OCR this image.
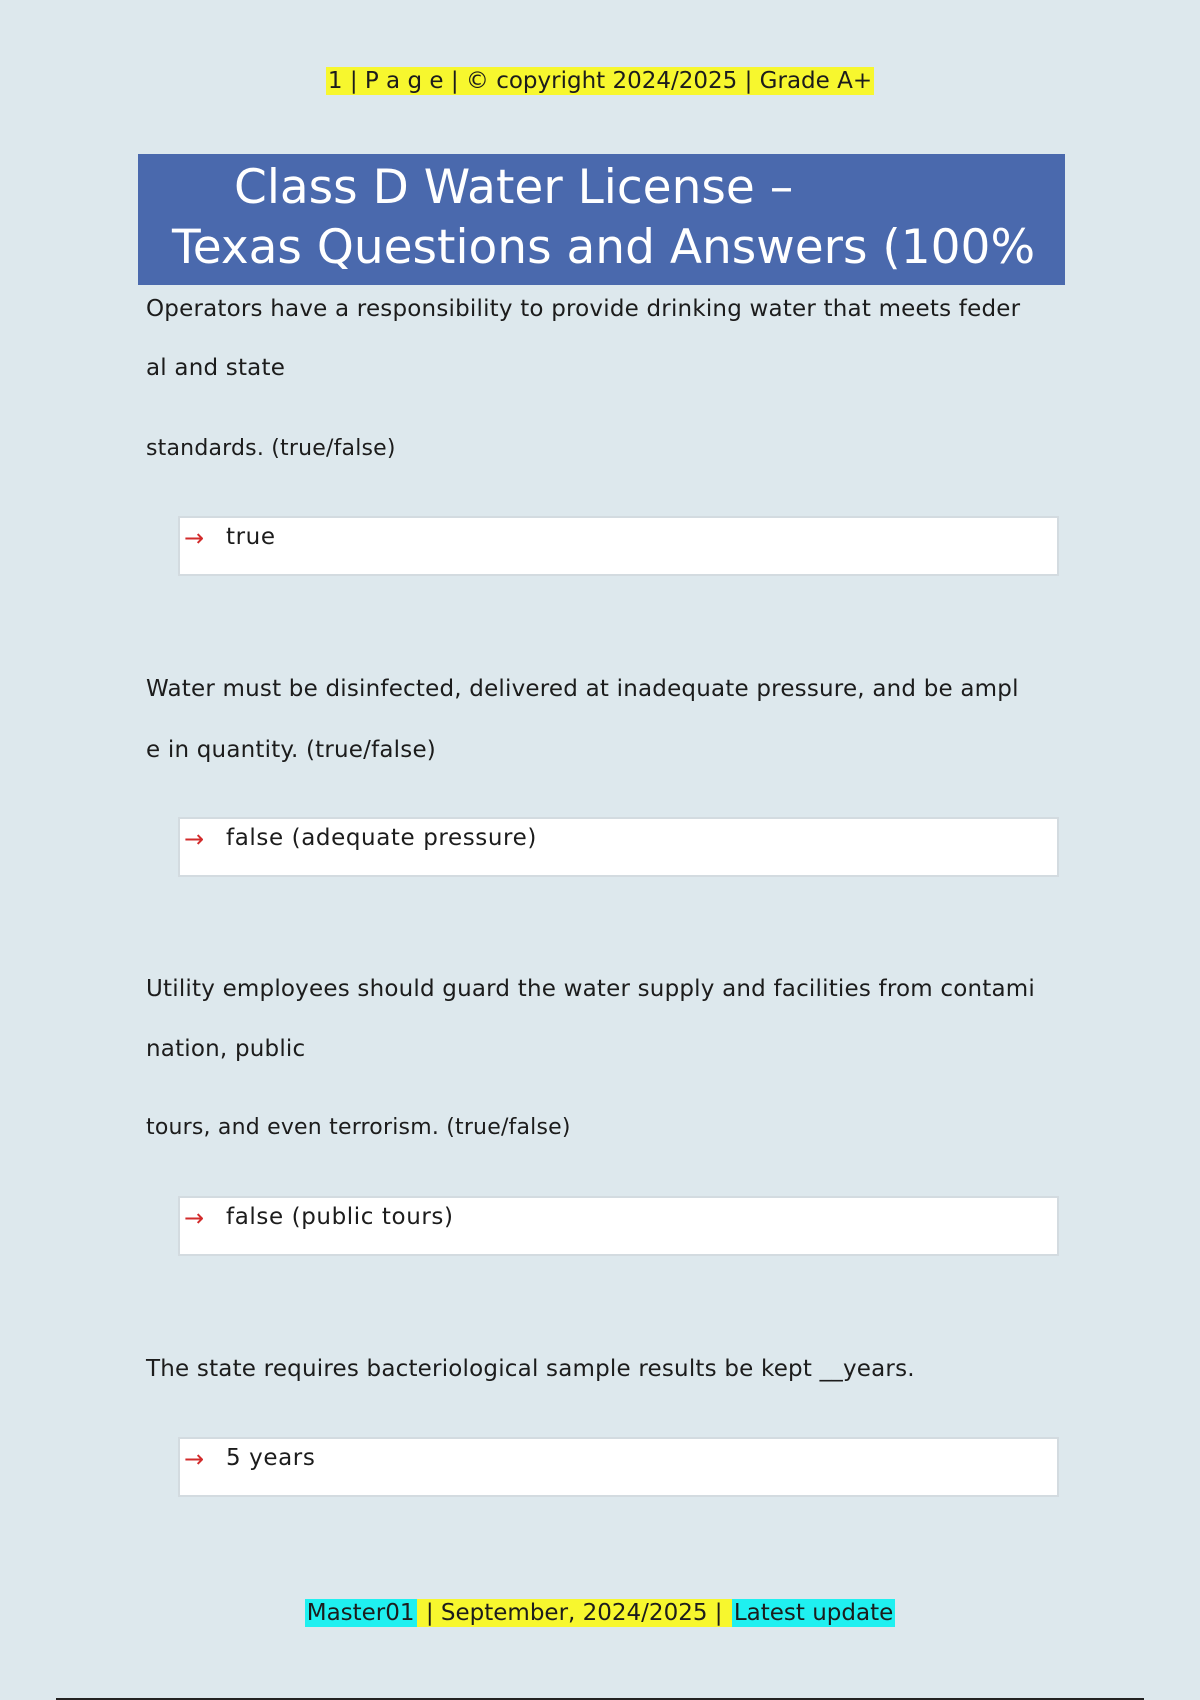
1 | P a g e | © copyright 2024/2025 | Grade A+
Class D Water License –
Texas Questions and Answers (100%
Operators have a responsibility to provide drinking water that meets feder
al and state
standards. (true/false)
→ true
Water must be disinfected, delivered at inadequate pressure, and be ampl
e in quantity. (true/false)
→ false (adequate pressure)
Utility employees should guard the water supply and facilities from contami
nation, public
tours, and even terrorism. (true/false)
→ false (public tours)
The state requires bacteriological sample results be kept __years.
→ 5 years
Master01 | September, 2024/2025 | Latest update
